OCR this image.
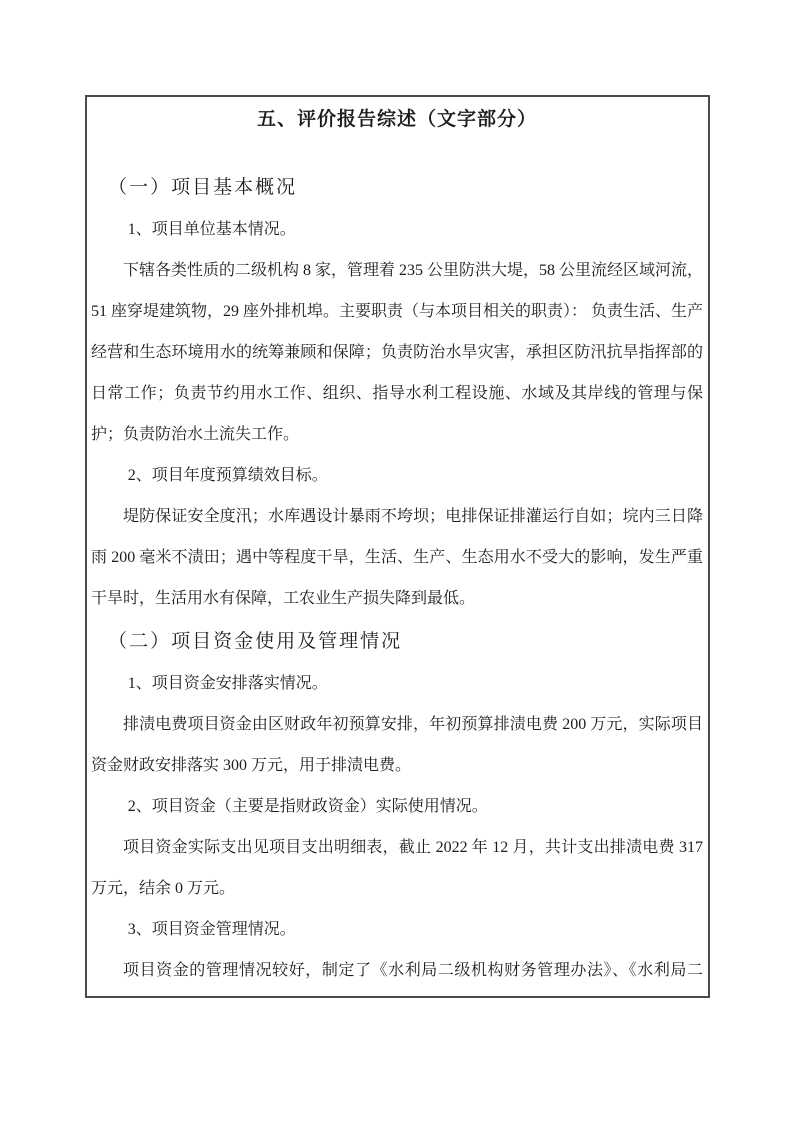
五、评价报告综述（文字部分）
（一）项目基本概况
1、项目单位基本情况。
下辖各类性质的二级机构 8 家，管理着 235 公里防洪大堤，58 公里流经区域河流，51 座穿堤建筑物，29 座外排机埠。主要职责（与本项目相关的职责）： 负责生活、生产经营和生态环境用水的统筹兼顾和保障；负责防治水旱灾害，承担区防汛抗旱指挥部的日常工作；负责节约用水工作、组织、指导水利工程设施、水域及其岸线的管理与保护；负责防治水土流失工作。
2、项目年度预算绩效目标。
堤防保证安全度汛；水库遇设计暴雨不垮坝；电排保证排灌运行自如；垸内三日降雨 200 毫米不渍田；遇中等程度干旱，生活、生产、生态用水不受大的影响，发生严重干旱时，生活用水有保障，工农业生产损失降到最低。
（二）项目资金使用及管理情况
1、项目资金安排落实情况。
排渍电费项目资金由区财政年初预算安排，年初预算排渍电费 200 万元，实际项目资金财政安排落实 300 万元，用于排渍电费。
2、项目资金（主要是指财政资金）实际使用情况。
项目资金实际支出见项目支出明细表，截止 2022 年 12 月，共计支出排渍电费 317 万元，结余 0 万元。
3、项目资金管理情况。
项目资金的管理情况较好，制定了《水利局二级机构财务管理办法》、《水利局二
